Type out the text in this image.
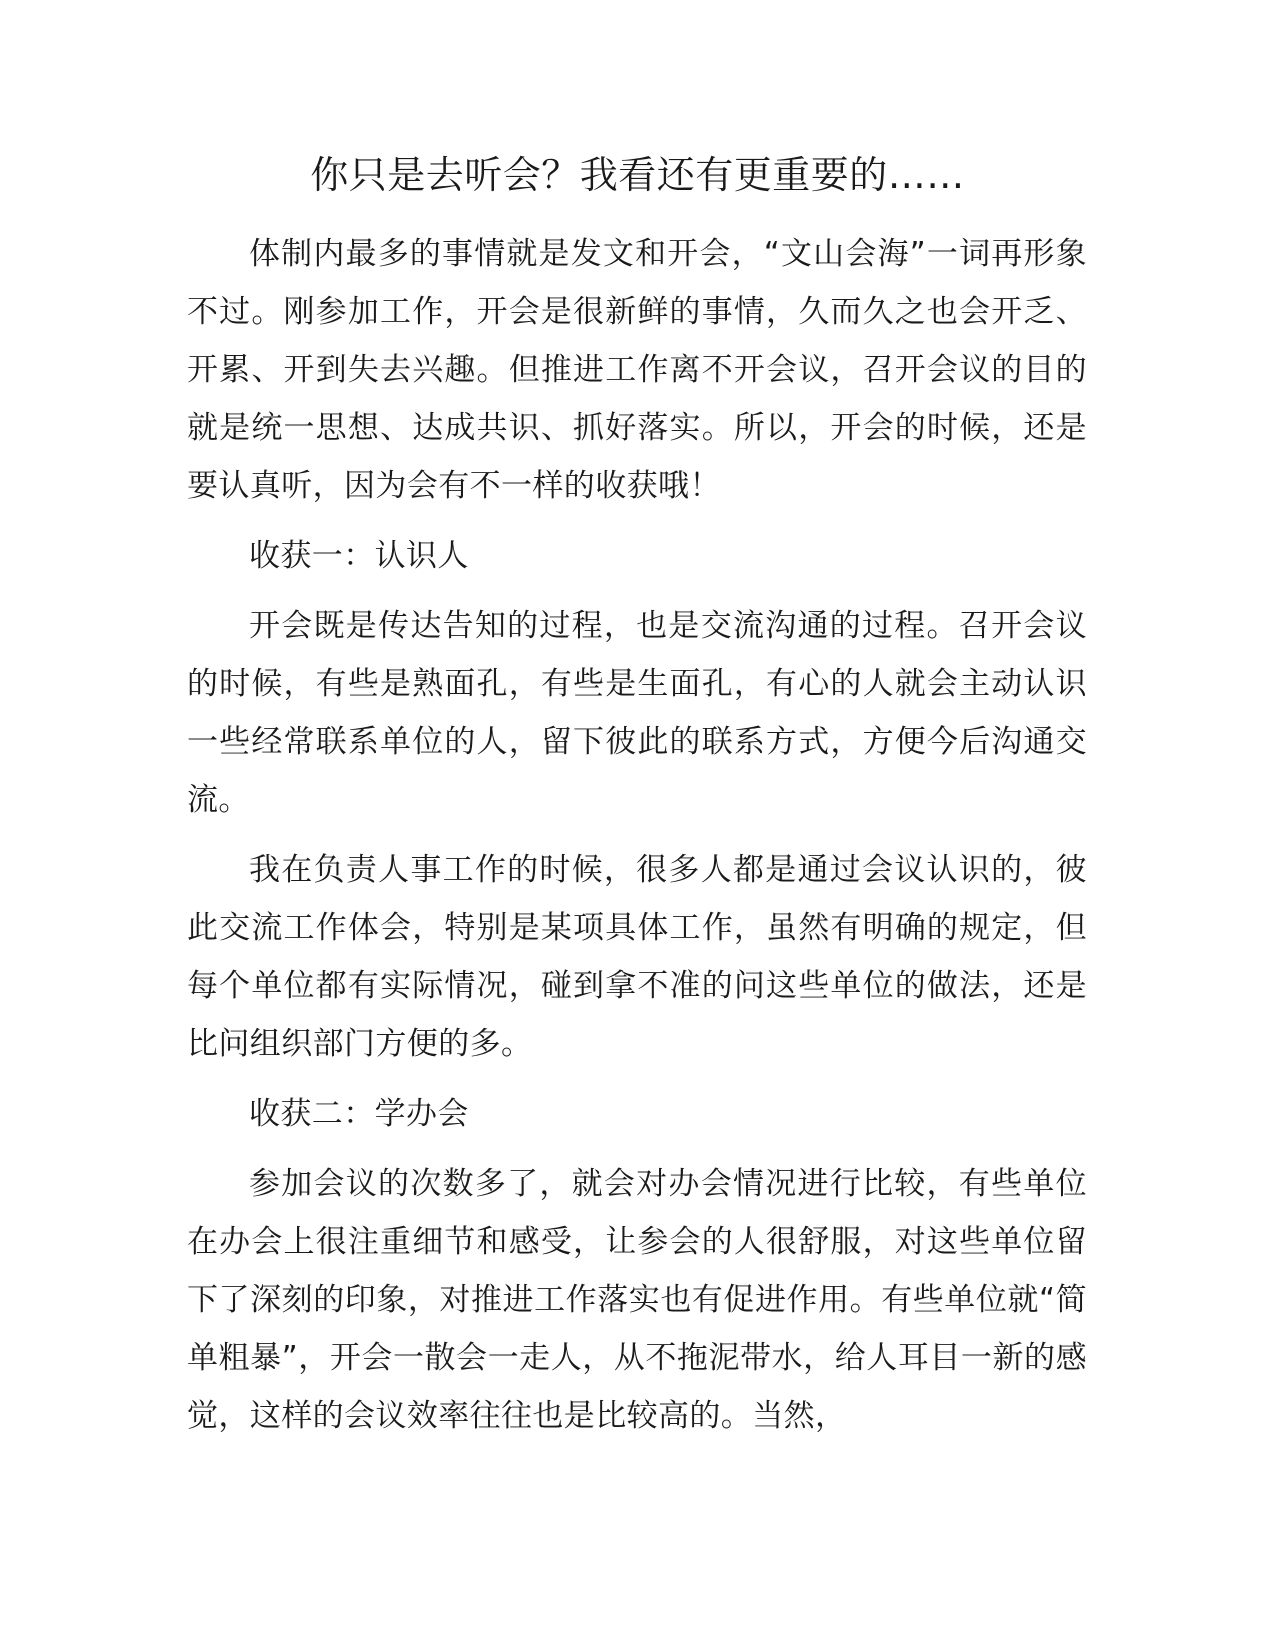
你只是去听会？我看还有更重要的……

体制内最多的事情就是发文和开会，“文山会海”一词再形象不过。刚参加工作，开会是很新鲜的事情，久而久之也会开乏、开累、开到失去兴趣。但推进工作离不开会议，召开会议的目的就是统一思想、达成共识、抓好落实。所以，开会的时候，还是要认真听，因为会有不一样的收获哦！

收获一：认识人

开会既是传达告知的过程，也是交流沟通的过程。召开会议的时候，有些是熟面孔，有些是生面孔，有心的人就会主动认识一些经常联系单位的人，留下彼此的联系方式，方便今后沟通交流。

我在负责人事工作的时候，很多人都是通过会议认识的，彼此交流工作体会，特别是某项具体工作，虽然有明确的规定，但每个单位都有实际情况，碰到拿不准的问这些单位的做法，还是比问组织部门方便的多。

收获二：学办会

参加会议的次数多了，就会对办会情况进行比较，有些单位在办会上很注重细节和感受，让参会的人很舒服，对这些单位留下了深刻的印象，对推进工作落实也有促进作用。有些单位就“简单粗暴”，开会一散会一走人，从不拖泥带水，给人耳目一新的感觉，这样的会议效率往往也是比较高的。当然，
